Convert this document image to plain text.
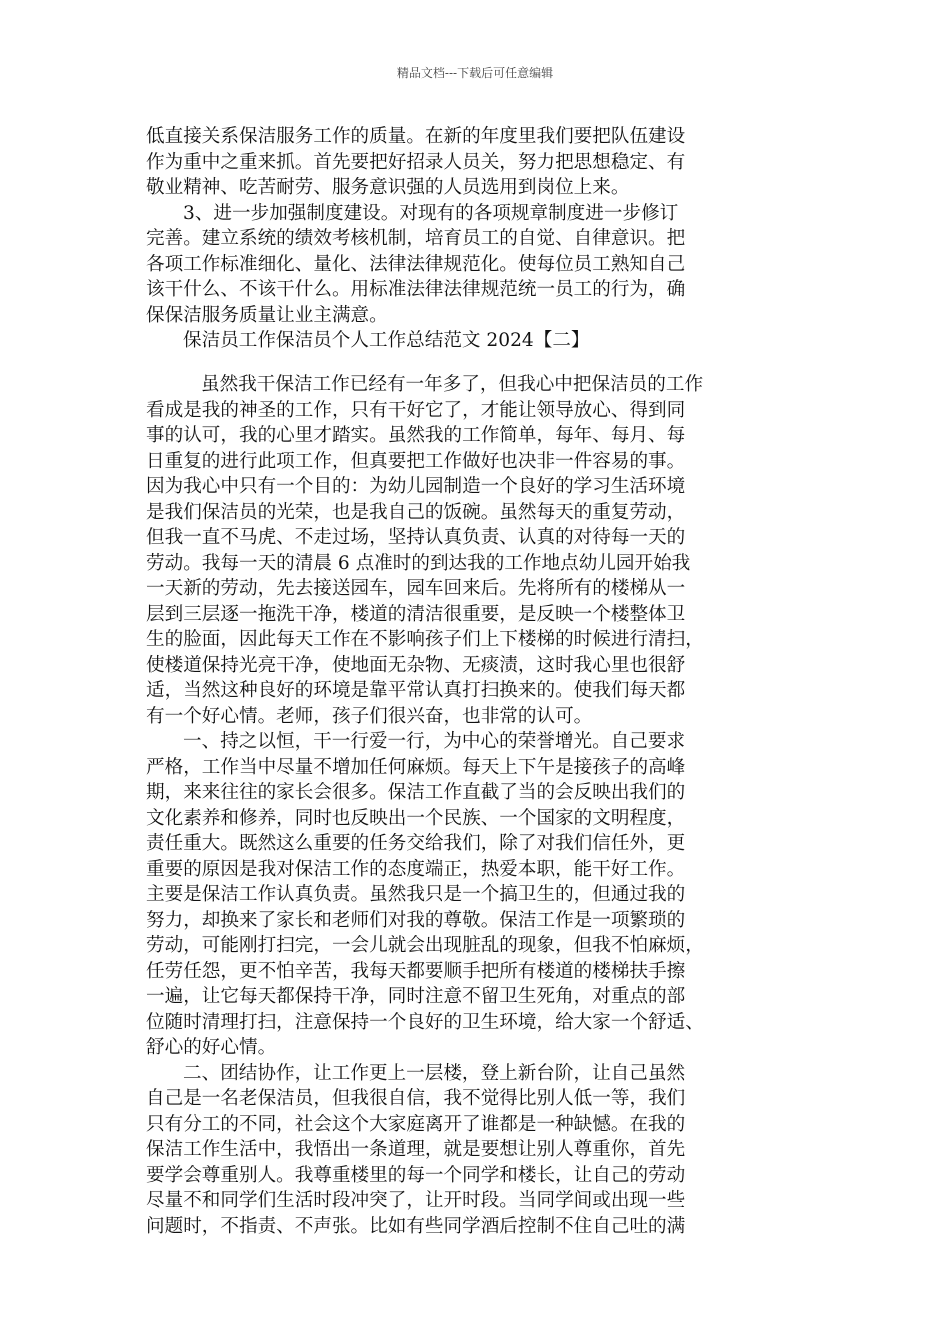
精品文档---下载后可任意编辑
低直接关系保洁服务工作的质量。在新的年度里我们要把队伍建设
作为重中之重来抓。首先要把好招录人员关，努力把思想稳定、有
敬业精神、吃苦耐劳、服务意识强的人员选用到岗位上来。
3、进一步加强制度建设。对现有的各项规章制度进一步修订
完善。建立系统的绩效考核机制，培育员工的自觉、自律意识。把
各项工作标准细化、量化、法律法律规范化。使每位员工熟知自己
该干什么、不该干什么。用标准法律法律规范统一员工的行为，确
保保洁服务质量让业主满意。
保洁员工作保洁员个人工作总结范文 2024【二】
虽然我干保洁工作已经有一年多了，但我心中把保洁员的工作
看成是我的神圣的工作，只有干好它了，才能让领导放心、得到同
事的认可，我的心里才踏实。虽然我的工作简单，每年、每月、每
日重复的进行此项工作，但真要把工作做好也决非一件容易的事。
因为我心中只有一个目的：为幼儿园制造一个良好的学习生活环境
是我们保洁员的光荣，也是我自己的饭碗。虽然每天的重复劳动，
但我一直不马虎、不走过场，坚持认真负责、认真的对待每一天的
劳动。我每一天的清晨 6 点准时的到达我的工作地点幼儿园开始我
一天新的劳动，先去接送园车，园车回来后。先将所有的楼梯从一
层到三层逐一拖洗干净，楼道的清洁很重要，是反映一个楼整体卫
生的脸面，因此每天工作在不影响孩子们上下楼梯的时候进行清扫，
使楼道保持光亮干净，使地面无杂物、无痰渍，这时我心里也很舒
适，当然这种良好的环境是靠平常认真打扫换来的。使我们每天都
有一个好心情。老师，孩子们很兴奋，也非常的认可。
一、持之以恒，干一行爱一行，为中心的荣誉增光。自己要求
严格，工作当中尽量不增加任何麻烦。每天上下午是接孩子的高峰
期，来来往往的家长会很多。保洁工作直截了当的会反映出我们的
文化素养和修养，同时也反映出一个民族、一个国家的文明程度，
责任重大。既然这么重要的任务交给我们，除了对我们信任外，更
重要的原因是我对保洁工作的态度端正，热爱本职，能干好工作。
主要是保洁工作认真负责。虽然我只是一个搞卫生的，但通过我的
努力，却换来了家长和老师们对我的尊敬。保洁工作是一项繁琐的
劳动，可能刚打扫完，一会儿就会出现脏乱的现象，但我不怕麻烦，
任劳任怨，更不怕辛苦，我每天都要顺手把所有楼道的楼梯扶手擦
一遍，让它每天都保持干净，同时注意不留卫生死角，对重点的部
位随时清理打扫，注意保持一个良好的卫生环境，给大家一个舒适、
舒心的好心情。
二、团结协作，让工作更上一层楼，登上新台阶，让自己虽然
自己是一名老保洁员，但我很自信，我不觉得比别人低一等，我们
只有分工的不同，社会这个大家庭离开了谁都是一种缺憾。在我的
保洁工作生活中，我悟出一条道理，就是要想让别人尊重你，首先
要学会尊重别人。我尊重楼里的每一个同学和楼长，让自己的劳动
尽量不和同学们生活时段冲突了，让开时段。当同学间或出现一些
问题时，不指责、不声张。比如有些同学酒后控制不住自己吐的满
